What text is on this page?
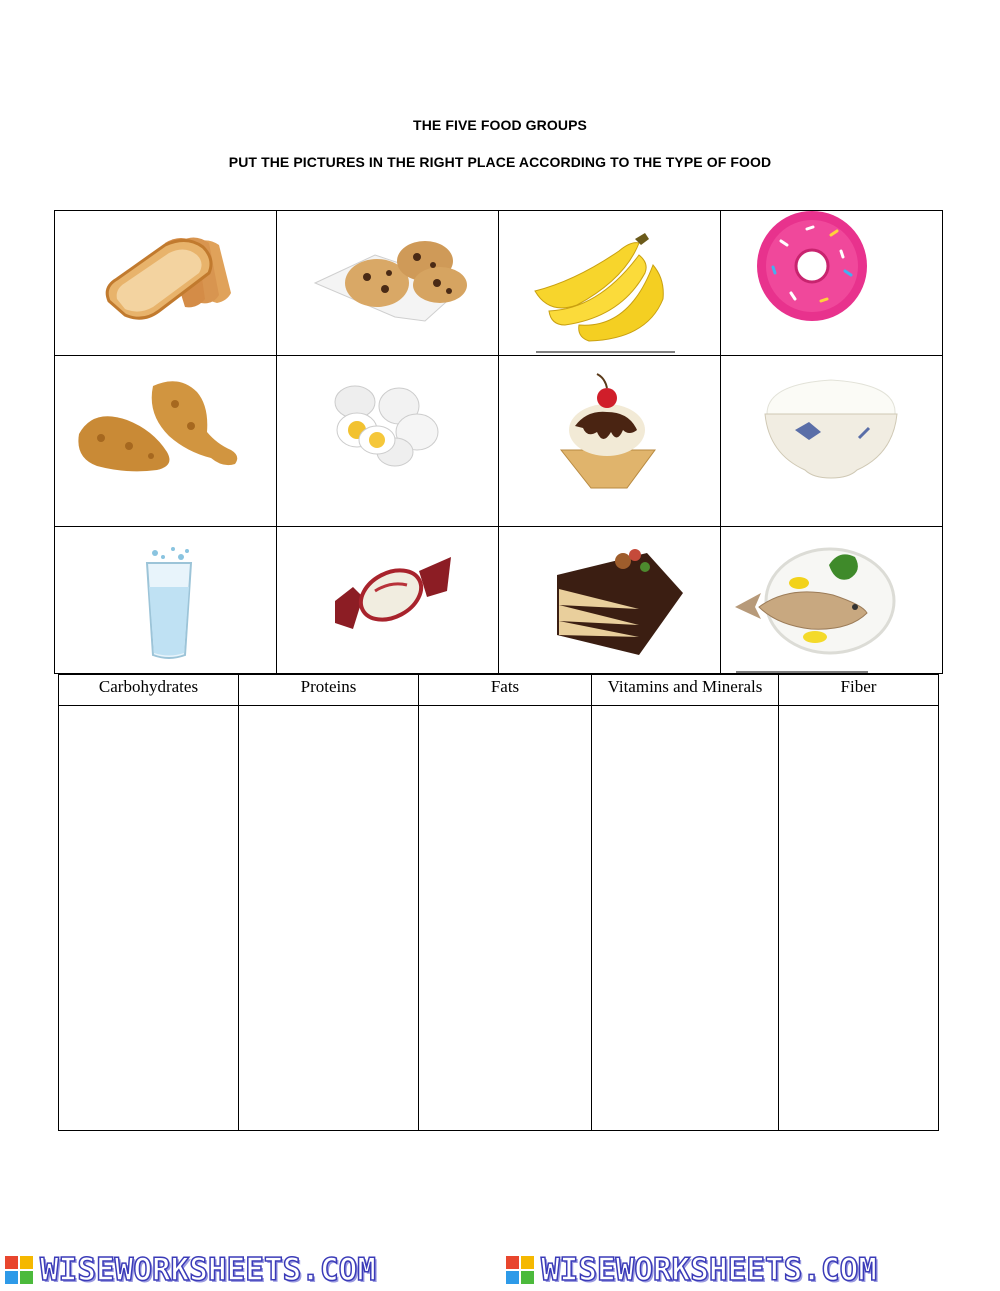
THE FIVE FOOD GROUPS
PUT THE PICTURES IN THE RIGHT PLACE ACCORDING TO THE TYPE OF FOOD
Carbohydrates	Proteins	Fats	Vitamins and Minerals	Fiber
WISEWORKSHEETS.COM	WISEWORKSHEETS.COM
